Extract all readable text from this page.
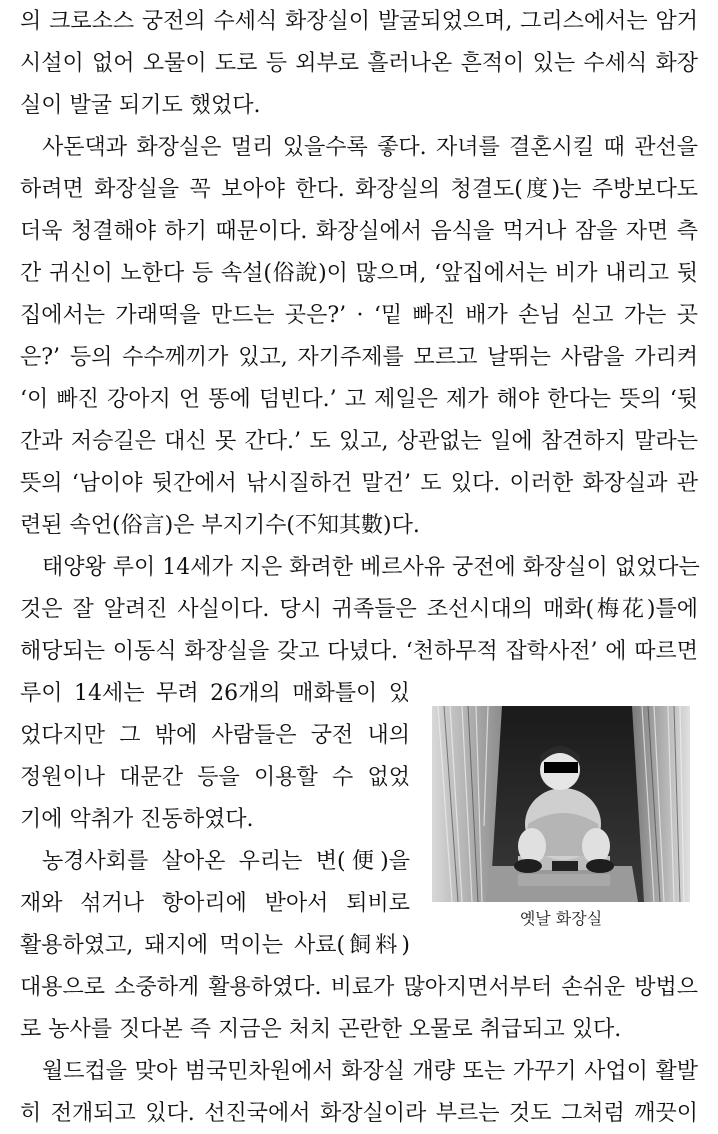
의 크로소스 궁전의 수세식 화장실이 발굴되었으며, 그리스에서는 암거
시설이 없어 오물이 도로 등 외부로 흘러나온 흔적이 있는 수세식 화장
실이 발굴 되기도 했었다.
사돈댁과 화장실은 멀리 있을수록 좋다. 자녀를 결혼시킬 때 관선을
하려면 화장실을 꼭 보아야 한다. 화장실의 청결도(度)는 주방보다도
더욱 청결해야 하기 때문이다. 화장실에서 음식을 먹거나 잠을 자면 측
간 귀신이 노한다 등 속설(俗說)이 많으며, ‘앞집에서는 비가 내리고 뒷
집에서는 가래떡을 만드는 곳은?’ · ‘밑 빠진 배가 손님 싣고 가는 곳
은?’ 등의 수수께끼가 있고, 자기주제를 모르고 날뛰는 사람을 가리켜
‘이 빠진 강아지 언 똥에 덤빈다.’ 고 제일은 제가 해야 한다는 뜻의 ‘뒷
간과 저승길은 대신 못 간다.’ 도 있고, 상관없는 일에 참견하지 말라는
뜻의 ‘남이야 뒷간에서 낚시질하건 말건’ 도 있다. 이러한 화장실과 관
련된 속언(俗言)은 부지기수(不知其數)다.
태양왕 루이 14세가 지은 화려한 베르사유 궁전에 화장실이 없었다는
것은 잘 알려진 사실이다. 당시 귀족들은 조선시대의 매화(梅花)틀에
해당되는 이동식 화장실을 갖고 다녔다. ‘천하무적 잡학사전’ 에 따르면
루이 14세는 무려 26개의 매화틀이 있
었다지만 그 밖에 사람들은 궁전 내의
정원이나 대문간 등을 이용할 수 없었
기에 악취가 진동하였다.
농경사회를 살아온 우리는 변(便)을
재와 섞거나 항아리에 받아서 퇴비로
활용하였고, 돼지에 먹이는 사료(飼料)
대용으로 소중하게 활용하였다. 비료가 많아지면서부터 손쉬운 방법으
로 농사를 짓다본 즉 지금은 처치 곤란한 오물로 취급되고 있다.
월드컵을 맞아 범국민차원에서 화장실 개량 또는 가꾸기 사업이 활발
히 전개되고 있다. 선진국에서 화장실이라 부르는 것도 그처럼 깨끗이
옛날 화장실
